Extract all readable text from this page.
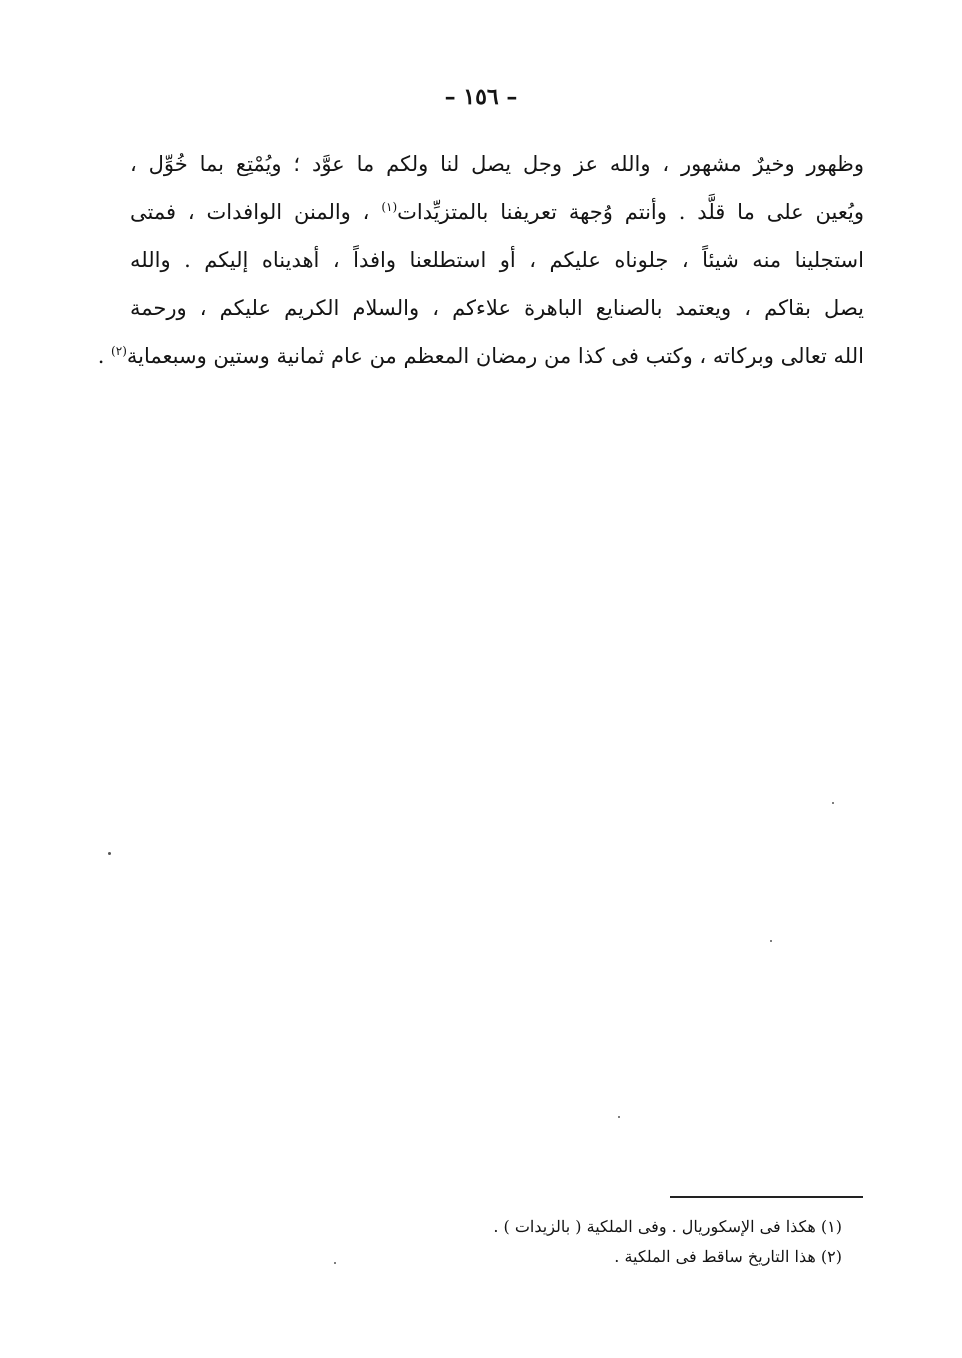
– ١٥٦ –
وظهور وخيرٌ مشهور ، والله عز وجل يصل لنا ولكم ما عوَّد ؛ ويُمْتِع بما خُوِّل ،
ويُعين على ما قلَّد . وأنتم وُجهة تعريفنا بالمتزيِّدات$^{(١)}$ ، والمنن الوافدات ، فمتى
استجلينا منه شيئاً ، جلوناه عليكم ، أو استطلعنا وافداً ، أهديناه إليكم . والله
يصل بقاكم ، ويعتمد بالصنايع الباهرة علاءكم ، والسلام الكريم عليكم ، ورحمة
الله تعالى وبركاته ، وكتب فى كذا من رمضان المعظم من عام ثمانية وستين وسبعماية$^{(٢)}$ .
(١) هكذا فى الإسكوريال . وفى الملكية ( بالزيدات ) .
(٢) هذا التاريخ ساقط فى الملكية .
